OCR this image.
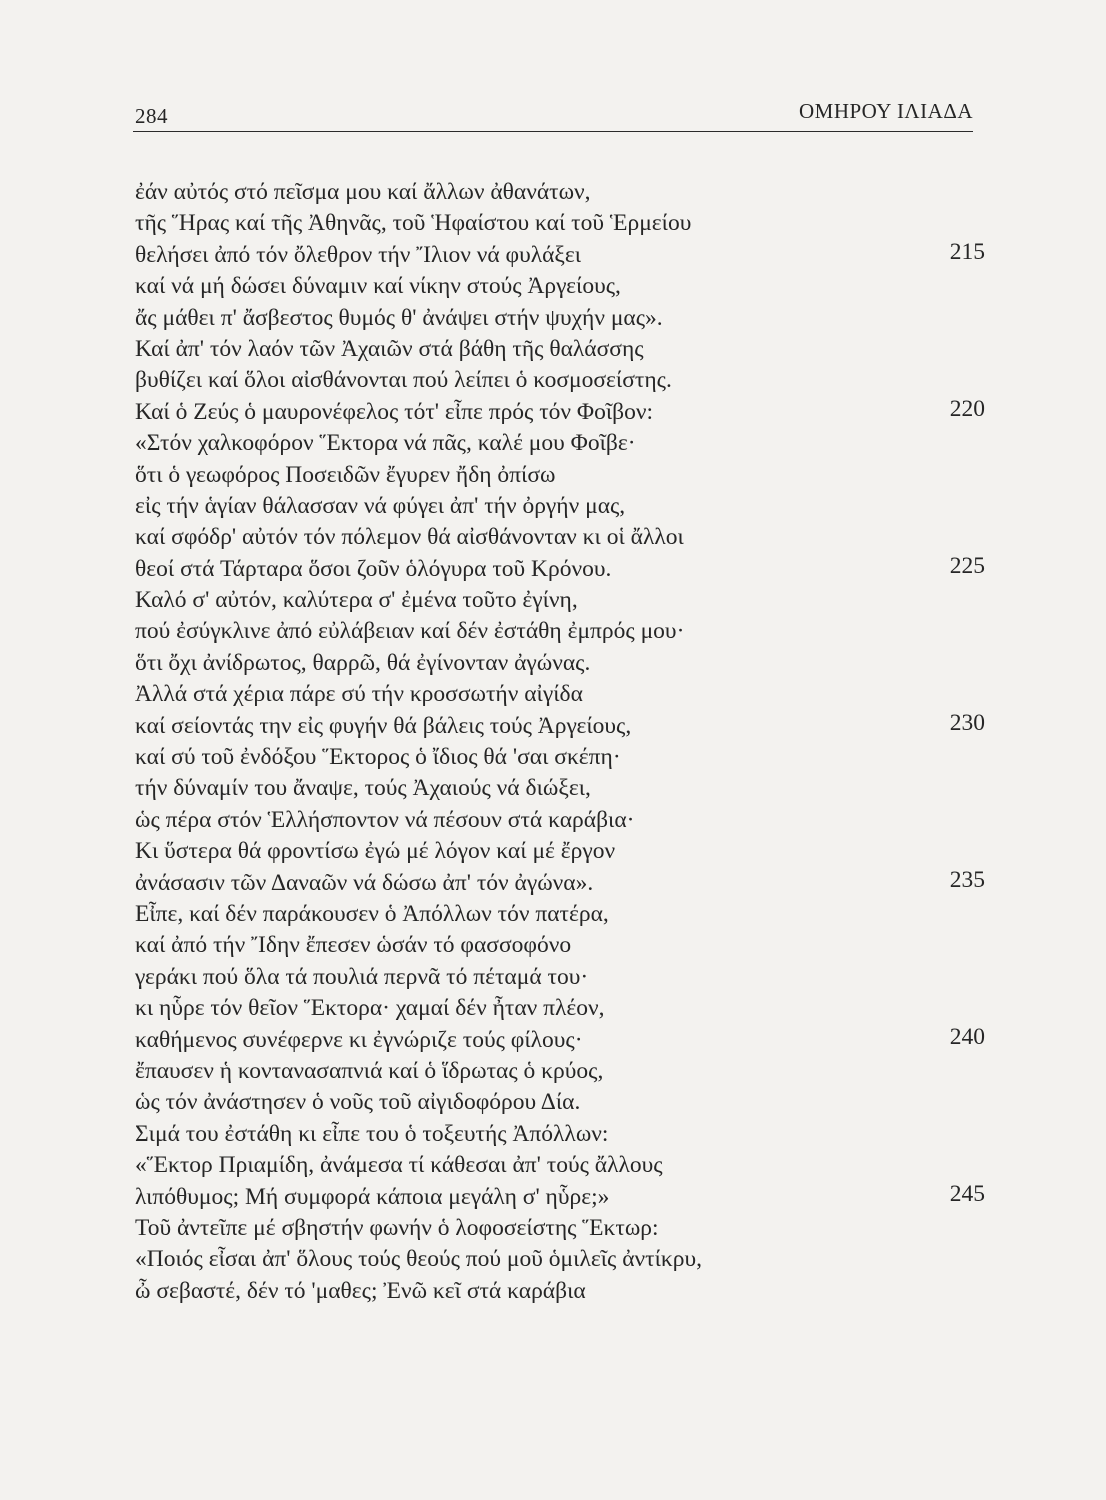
284	ΟΜΗΡΟΥ ΙΛΙΑΔΑ
ἐάν αὐτός στό πεῖσμα μου καί ἄλλων ἀθανάτων,
τῆς Ἥρας καί τῆς Ἀθηνᾶς, τοῦ Ἡφαίστου καί τοῦ Ἑρμείου
θελήσει ἀπό τόν ὄλεθρον τήν Ἴλιον νά φυλάξει	215
καί νά μή δώσει δύναμιν καί νίκην στούς Ἀργείους,
ἄς μάθει π' ἄσβεστος θυμός θ' ἀνάψει στήν ψυχήν μας».
Καί ἀπ' τόν λαόν τῶν Ἀχαιῶν στά βάθη τῆς θαλάσσης
βυθίζει καί ὅλοι αἰσθάνονται πού λείπει ὁ κοσμοσείστης.
Καί ὁ Ζεύς ὁ μαυρονέφελος τότ' εἶπε πρός τόν Φοῖβον:	220
«Στόν χαλκοφόρον Ἕκτορα νά πᾶς, καλέ μου Φοῖβε·
ὅτι ὁ γεωφόρος Ποσειδῶν ἔγυρεν ἤδη ὀπίσω
εἰς τήν ἁγίαν θάλασσαν νά φύγει ἀπ' τήν ὀργήν μας,
καί σφόδρ' αὐτόν τόν πόλεμον θά αἰσθάνονταν κι οἱ ἄλλοι
θεοί στά Τάρταρα ὅσοι ζοῦν ὁλόγυρα τοῦ Κρόνου.	225
Καλό σ' αὐτόν, καλύτερα σ' ἐμένα τοῦτο ἐγίνη,
πού ἐσύγκλινε ἀπό εὐλάβειαν καί δέν ἐστάθη ἐμπρός μου·
ὅτι ὄχι ἀνίδρωτος, θαρρῶ, θά ἐγίνονταν ἀγώνας.
Ἀλλά στά χέρια πάρε σύ τήν κροσσωτήν αἰγίδα
καί σείοντάς την εἰς φυγήν θά βάλεις τούς Ἀργείους,	230
καί σύ τοῦ ἐνδόξου Ἕκτορος ὁ ἴδιος θά 'σαι σκέπη·
τήν δύναμίν του ἄναψε, τούς Ἀχαιούς νά διώξει,
ὡς πέρα στόν Ἑλλήσποντον νά πέσουν στά καράβια·
Κι ὕστερα θά φροντίσω ἐγώ μέ λόγον καί μέ ἔργον
ἀνάσασιν τῶν Δαναῶν νά δώσω ἀπ' τόν ἀγώνα».	235
Εἶπε, καί δέν παράκουσεν ὁ Ἀπόλλων τόν πατέρα,
καί ἀπό τήν Ἴδην ἔπεσεν ὡσάν τό φασσοφόνο
γεράκι πού ὅλα τά πουλιά περνᾶ τό πέταμά του·
κι ηὗρε τόν θεῖον Ἕκτορα· χαμαί δέν ἦταν πλέον,
καθήμενος συνέφερνε κι ἐγνώριζε τούς φίλους·	240
ἔπαυσεν ἡ κοντανασαπνιά καί ὁ ἵδρωτας ὁ κρύος,
ὡς τόν ἀνάστησεν ὁ νοῦς τοῦ αἰγιδοφόρου Δία.
Σιμά του ἐστάθη κι εἶπε του ὁ τοξευτής Ἀπόλλων:
«Ἕκτορ Πριαμίδη, ἀνάμεσα τί κάθεσαι ἀπ' τούς ἄλλους
λιπόθυμος; Μή συμφορά κάποια μεγάλη σ' ηὗρε;»	245
Τοῦ ἀντεῖπε μέ σβηστήν φωνήν ὁ λοφοσείστης Ἕκτωρ:
«Ποιός εἶσαι ἀπ' ὅλους τούς θεούς πού μοῦ ὁμιλεῖς ἀντίκρυ,
ὦ σεβαστέ, δέν τό 'μαθες; Ἐνῶ κεῖ στά καράβια
